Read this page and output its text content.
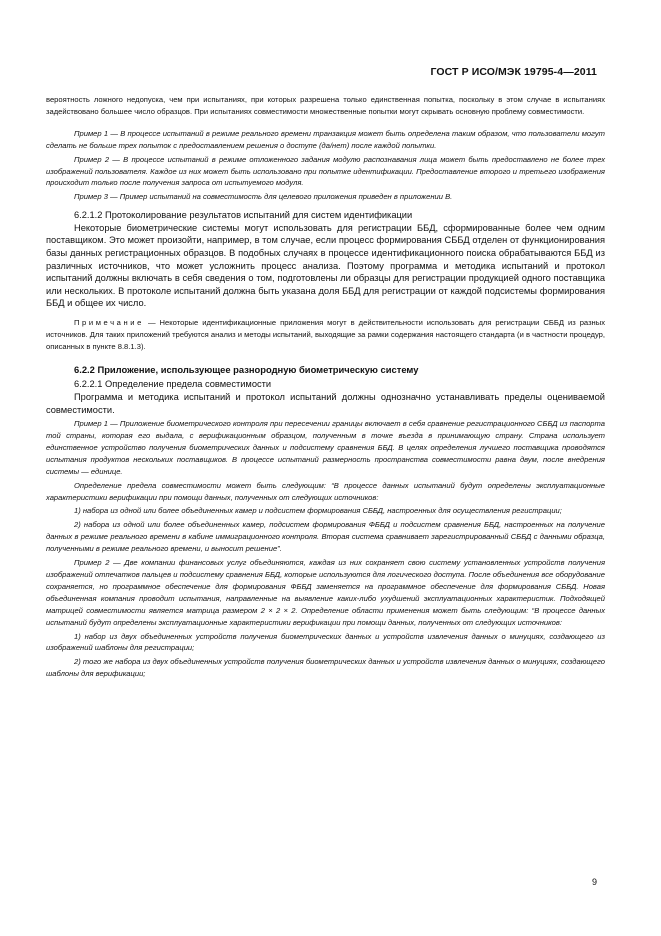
ГОСТ Р ИСО/МЭК 19795-4—2011

вероятность ложного недопуска, чем при испытаниях, при которых разрешена только единственная попытка, поскольку в этом случае в испытаниях задействовано большее число образцов. При испытаниях совместимости множественные попытки могут скрывать основную проблему совместимости.

Пример 1 — В процессе испытаний в режиме реального времени транзакция может быть определена таким образом, что пользователи могут сделать не больше трех попыток с предоставлением решения о доступе (да/нет) после каждой попытки.

Пример 2 — В процессе испытаний в режиме отложенного задания модулю распознавания лица может быть предоставлено не более трех изображений пользователя. Каждое из них может быть использовано при попытке идентификации. Предоставление второго и третьего изображения происходит только после получения запроса от испытуемого модуля.

Пример 3 — Пример испытаний на совместимость для целевого приложения приведен в приложении В.

6.2.1.2 Протоколирование результатов испытаний для систем идентификации

Некоторые биометрические системы могут использовать для регистрации ББД, сформированные более чем одним поставщиком. Это может произойти, например, в том случае, если процесс формирования СББД отделен от функционирования базы данных регистрационных образцов. В подобных случаях в процессе идентификационного поиска обрабатываются ББД из различных источников, что может усложнить процесс анализа. Поэтому программа и методика испытаний и протокол испытаний должны включать в себя сведения о том, подготовлены ли образцы для регистрации продукцией одного поставщика или нескольких. В протоколе испытаний должна быть указана доля ББД для регистрации от каждой подсистемы формирования ББД и общее их число.

Примечание — Некоторые идентификационные приложения могут в действительности использовать для регистрации СББД из разных источников. Для таких приложений требуются анализ и методы испытаний, выходящие за рамки содержания настоящего стандарта (и в частности процедур, описанных в пункте 8.8.1.3).

6.2.2 Приложение, использующее разнородную биометрическую систему

6.2.2.1 Определение предела совместимости

Программа и методика испытаний и протокол испытаний должны однозначно устанавливать пределы оцениваемой совместимости.

Пример 1 — Приложение биометрического контроля при пересечении границы включает в себя сравнение регистрационного СББД из паспорта той страны, которая его выдала, с верификационным образцом, полученным в точке въезда в принимающую страну. Страна использует единственное устройство получения биометрических данных и подсистему сравнения ББД. В целях определения лучшего поставщика проводятся испытания продуктов нескольких поставщиков. В процессе испытаний размерность пространства совместимости равна двум, после внедрения системы — единице.

Определение предела совместимости может быть следующим: “В процессе данных испытаний будут определены эксплуатационные характеристики верификации при помощи данных, полученных от следующих источников:

1) набора из одной или более объединенных камер и подсистем формирования СББД, настроенных для осуществления регистрации;

2) набора из одной или более объединенных камер, подсистем формирования ФББД и подсистем сравнения ББД, настроенных на получение данных в режиме реального времени в кабине иммиграционного контроля. Вторая система сравнивает зарегистрированный СББД с данными образца, полученными в режиме реального времени, и выносит решение”.

Пример 2 — Две компании финансовых услуг объединяются, каждая из них сохраняет свою систему установленных устройств получения изображений отпечатков пальцев и подсистему сравнения ББД, которые используются для логического доступа. После объединения все оборудование сохраняется, но программное обеспечение для формирования ФББД заменяется на программное обеспечение для формирования СББД. Новая объединенная компания проводит испытания, направленные на выявление каких-либо ухудшений эксплуатационных характеристик. Подходящей матрицей совместимости является матрица размером 2 × 2 × 2. Определение области применения может быть следующим: “В процессе данных испытаний будут определены эксплуатационные характеристики верификации при помощи данных, полученных от следующих источников:

1) набор из двух объединенных устройств получения биометрических данных и устройств извлечения данных о минуциях, создающего из изображений шаблоны для регистрации;

2) того же набора из двух объединенных устройств получения биометрических данных и устройств извлечения данных о минуциях, создающего шаблоны для верификации;

9
